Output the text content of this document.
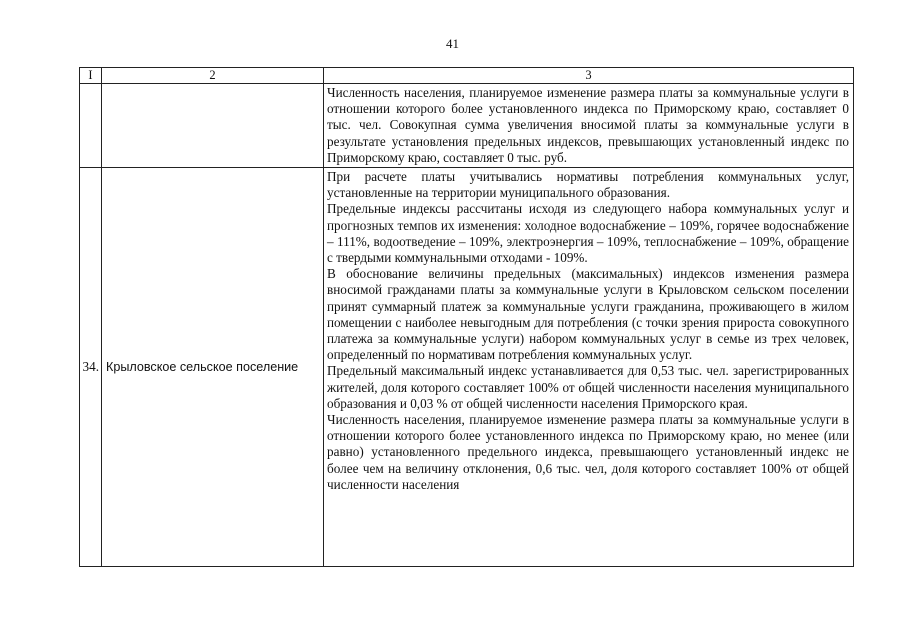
41
I	2	3

		Численность населения, планируемое изменение размера платы за коммунальные услуги в отношении которого более установленного индекса по Приморскому краю, составляет 0 тыс. чел. Совокупная сумма увеличения вносимой платы за коммунальные услуги в результате установления предельных индексов, превышающих установленный индекс по Приморскому краю, составляет 0 тыс. руб.

34.	Крыловское сельское поселение	При расчете платы учитывались нормативы потребления коммунальных услуг, установленные на территории муниципального образования.

Предельные индексы рассчитаны исходя из следующего набора коммунальных услуг и прогнозных темпов их изменения: холодное водоснабжение – 109%, горячее водоснабжение – 111%, водоотведение – 109%, электроэнергия – 109%, теплоснабжение – 109%, обращение с твердыми коммунальными отходами - 109%.

В обоснование величины предельных (максимальных) индексов изменения размера вносимой гражданами платы за коммунальные услуги в Крыловском сельском поселении принят суммарный платеж за коммунальные услуги гражданина, проживающего в жилом помещении с наиболее невыгодным для потребления (с точки зрения прироста совокупного платежа за коммунальные услуги) набором коммунальных услуг в семье из трех человек, определенный по нормативам потребления коммунальных услуг.

Предельный максимальный индекс устанавливается для 0,53 тыс. чел. зарегистрированных жителей, доля которого составляет 100% от общей численности населения муниципального образования и 0,03 % от общей численности населения Приморского края.

Численность населения, планируемое изменение размера платы за коммунальные услуги в отношении которого более установленного индекса по Приморскому краю, но менее (или равно) установленного предельного индекса, превышающего установленный индекс не более чем на величину отклонения, 0,6 тыс. чел, доля которого составляет 100% от общей численности населения
